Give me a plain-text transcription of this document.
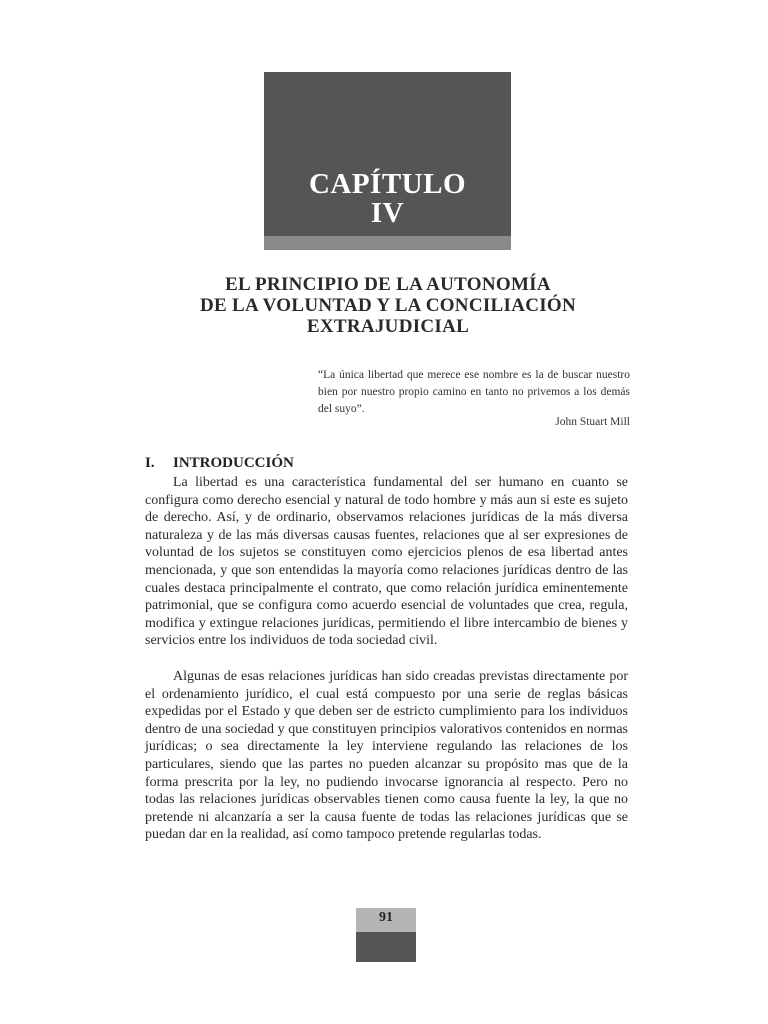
CAPÍTULO
IV
EL PRINCIPIO DE LA AUTONOMÍA
DE LA VOLUNTAD Y LA CONCILIACIÓN
EXTRAJUDICIAL
“La única libertad que merece ese nombre es la de buscar nuestro bien por nuestro propio camino en tanto no privemos a los demás del suyo”.
John Stuart Mill
I. INTRODUCCIÓN

La libertad es una característica fundamental del ser humano en cuanto se configura como derecho esencial y natural de todo hombre y más aun si este es sujeto de derecho. Así, y de ordinario, observamos relaciones jurídicas de la más diversa naturaleza y de las más diversas causas fuentes, relaciones que al ser expresiones de voluntad de los sujetos se constituyen como ejercicios plenos de esa libertad antes mencionada, y que son entendidas la mayoría como relaciones jurídicas dentro de las cuales destaca principalmente el contrato, que como relación jurídica eminentemente patrimonial, que se configura como acuerdo esencial de voluntades que crea, regula, modifica y extingue relaciones jurídicas, permitiendo el libre intercambio de bienes y servicios entre los individuos de toda sociedad civil.

Algunas de esas relaciones jurídicas han sido creadas previstas directamente por el ordenamiento jurídico, el cual está compuesto por una serie de reglas básicas expedidas por el Estado y que deben ser de estricto cumplimiento para los individuos dentro de una sociedad y que constituyen principios valorativos contenidos en normas jurídicas; o sea directamente la ley interviene regulando las relaciones de los particulares, siendo que las partes no pueden alcanzar su propósito mas que de la forma prescrita por la ley, no pudiendo invocarse ignorancia al respecto. Pero no todas las relaciones jurídicas observables tienen como causa fuente la ley, la que no pretende ni alcanzaría a ser la causa fuente de todas las relaciones jurídicas que se puedan dar en la realidad, así como tampoco pretende regularlas todas.

91
